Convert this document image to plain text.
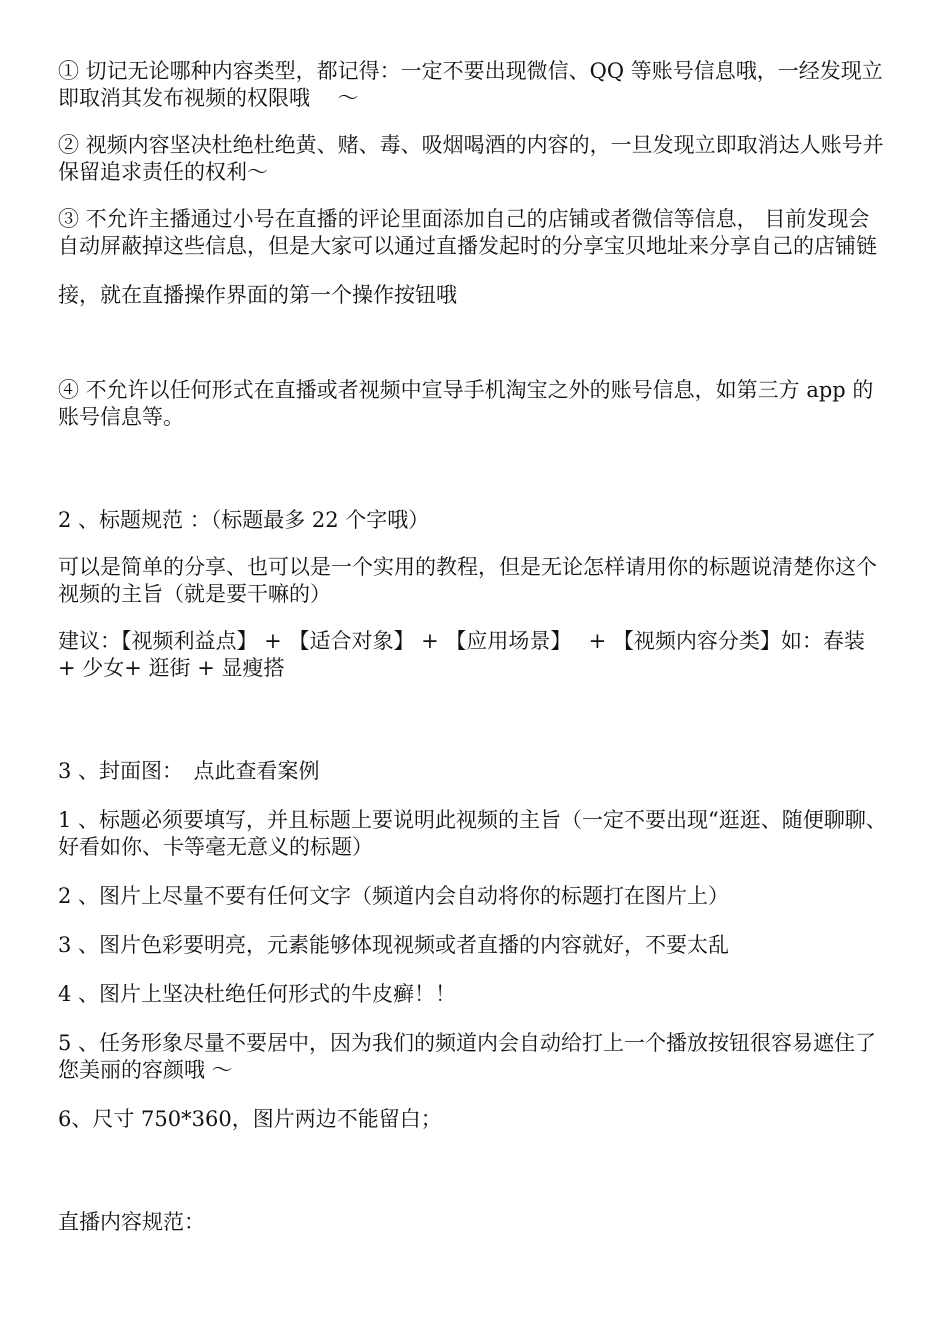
① 切记无论哪种内容类型，都记得：一定不要出现微信、QQ 等账号信息哦，一经发现立即取消其发布视频的权限哦　 ～

② 视频内容坚决杜绝杜绝黄、赌、毒、吸烟喝酒的内容的，一旦发现立即取消达人账号并保留追求责任的权利～

③ 不允许主播通过小号在直播的评论里面添加自己的店铺或者微信等信息， 目前发现会自动屏蔽掉这些信息，但是大家可以通过直播发起时的分享宝贝地址来分享自己的店铺链

接，就在直播操作界面的第一个操作按钮哦

④ 不允许以任何形式在直播或者视频中宣导手机淘宝之外的账号信息，如第三方 app 的账号信息等。

2 、标题规范 ：（标题最多 22 个字哦）

可以是简单的分享、也可以是一个实用的教程，但是无论怎样请用你的标题说清楚你这个视频的主旨（就是要干嘛的）

建议：【视频利益点】 + 【适合对象】 + 【应用场景】　 + 【视频内容分类】如：春装 + 少女+ 逛街 + 显瘦搭

3 、封面图：　点此查看案例

1 、标题必须要填写，并且标题上要说明此视频的主旨（一定不要出现“逛逛、随便聊聊、好看如你、卡等毫无意义的标题）

2 、图片上尽量不要有任何文字（频道内会自动将你的标题打在图片上）

3 、图片色彩要明亮，元素能够体现视频或者直播的内容就好，不要太乱

4 、图片上坚决杜绝任何形式的牛皮癣！！

5 、任务形象尽量不要居中，因为我们的频道内会自动给打上一个播放按钮很容易遮住了您美丽的容颜哦 ～

6、尺寸 750*360，图片两边不能留白；

直播内容规范：
